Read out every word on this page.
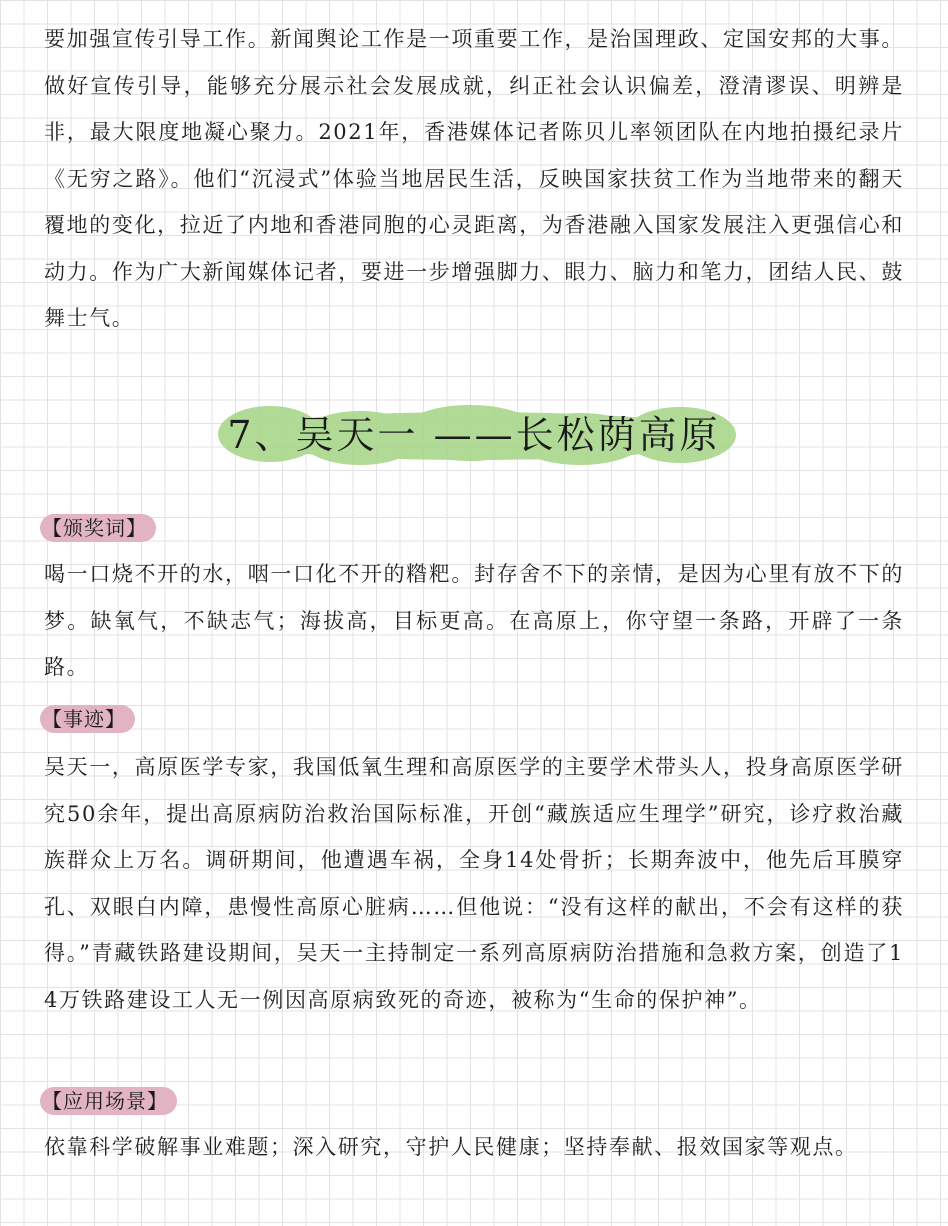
要加强宣传引导工作。新闻舆论工作是一项重要工作，是治国理政、定国安邦的大事。做好宣传引导，能够充分展示社会发展成就，纠正社会认识偏差，澄清谬误、明辨是非，最大限度地凝心聚力。2021年，香港媒体记者陈贝儿率领团队在内地拍摄纪录片《无穷之路》。他们“沉浸式”体验当地居民生活，反映国家扶贫工作为当地带来的翻天覆地的变化，拉近了内地和香港同胞的心灵距离，为香港融入国家发展注入更强信心和动力。作为广大新闻媒体记者，要进一步增强脚力、眼力、脑力和笔力，团结人民、鼓舞士气。

7、吴天一 ——长松荫高原
【颁奖词】

喝一口烧不开的水，咽一口化不开的糌粑。封存舍不下的亲情，是因为心里有放不下的梦。缺氧气，不缺志气；海拔高，目标更高。在高原上，你守望一条路，开辟了一条路。

【事迹】

吴天一，高原医学专家，我国低氧生理和高原医学的主要学术带头人，投身高原医学研究50余年，提出高原病防治救治国际标准，开创“藏族适应生理学”研究，诊疗救治藏族群众上万名。调研期间，他遭遇车祸，全身14处骨折；长期奔波中，他先后耳膜穿孔、双眼白内障，患慢性高原心脏病……但他说：“没有这样的献出，不会有这样的获得。”青藏铁路建设期间，吴天一主持制定一系列高原病防治措施和急救方案，创造了14万铁路建设工人无一例因高原病致死的奇迹，被称为“生命的保护神”。

【应用场景】

依靠科学破解事业难题；深入研究，守护人民健康；坚持奉献、报效国家等观点。
